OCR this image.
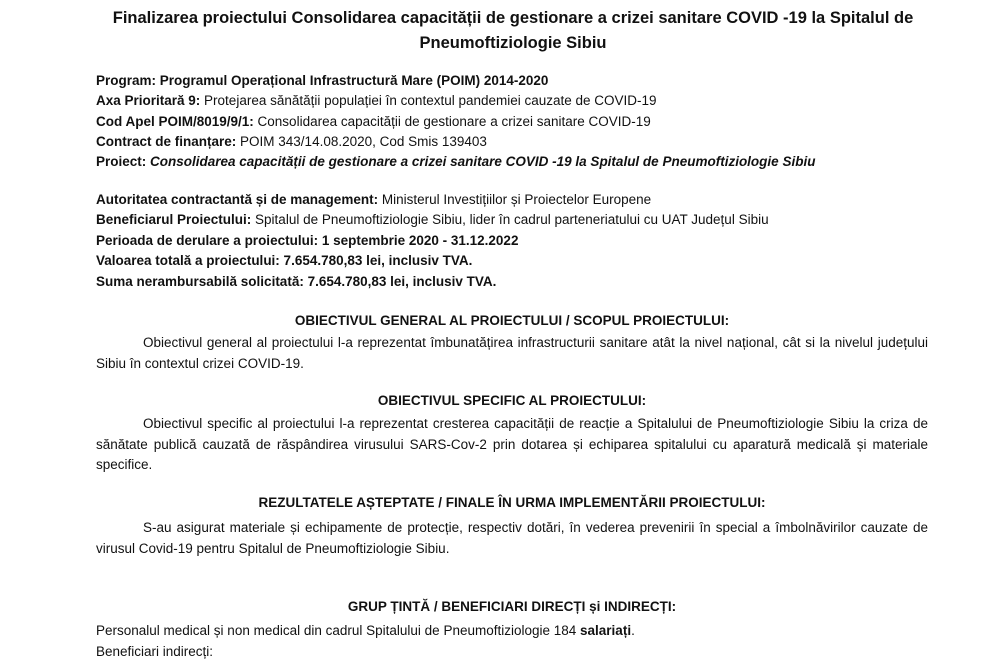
Finalizarea proiectului Consolidarea capacității de gestionare a crizei sanitare COVID -19 la Spitalul de Pneumoftiziologie Sibiu
Program: Programul Operațional Infrastructură Mare (POIM) 2014-2020
Axa Prioritară 9: Protejarea sănătății populației în contextul pandemiei cauzate de COVID-19
Cod Apel POIM/8019/9/1: Consolidarea capacității de gestionare a crizei sanitare COVID-19
Contract de finanțare: POIM 343/14.08.2020, Cod Smis 139403
Proiect: Consolidarea capacității de gestionare a crizei sanitare COVID -19 la Spitalul de Pneumoftiziologie Sibiu
Autoritatea contractantă și de management: Ministerul Investițiilor și Proiectelor Europene
Beneficiarul Proiectului: Spitalul de Pneumoftiziologie Sibiu, lider în cadrul parteneriatului cu UAT Județul Sibiu
Perioada de derulare a proiectului: 1 septembrie 2020 - 31.12.2022
Valoarea totală a proiectului: 7.654.780,83 lei, inclusiv TVA.
Suma nerambursabilă solicitată: 7.654.780,83 lei, inclusiv TVA.
OBIECTIVUL GENERAL AL PROIECTULUI / SCOPUL PROIECTULUI:
Obiectivul general al proiectului l-a reprezentat îmbunatățirea infrastructurii sanitare atât la nivel național, cât si la nivelul județului Sibiu în contextul crizei COVID-19.
OBIECTIVUL SPECIFIC AL PROIECTULUI:
Obiectivul specific al proiectului l-a reprezentat cresterea capacității de reacție a Spitalului de Pneumoftiziologie Sibiu la criza de sănătate publică cauzată de răspândirea virusului SARS-Cov-2 prin dotarea și echiparea spitalului cu aparatură medicală și materiale specifice.
REZULTATELE AȘTEPTATE / FINALE ÎN URMA IMPLEMENTĂRII PROIECTULUI:
S-au asigurat materiale și echipamente de protecție, respectiv dotări, în vederea prevenirii în special a îmbolnăvirilor cauzate de virusul Covid-19 pentru Spitalul de Pneumoftiziologie Sibiu.
GRUP ȚINTĂ / BENEFICIARI DIRECȚI și INDIRECȚI:
Personalul medical și non medical din cadrul Spitalului de Pneumoftiziologie 184 salariați.
Beneficiari indirecți:
